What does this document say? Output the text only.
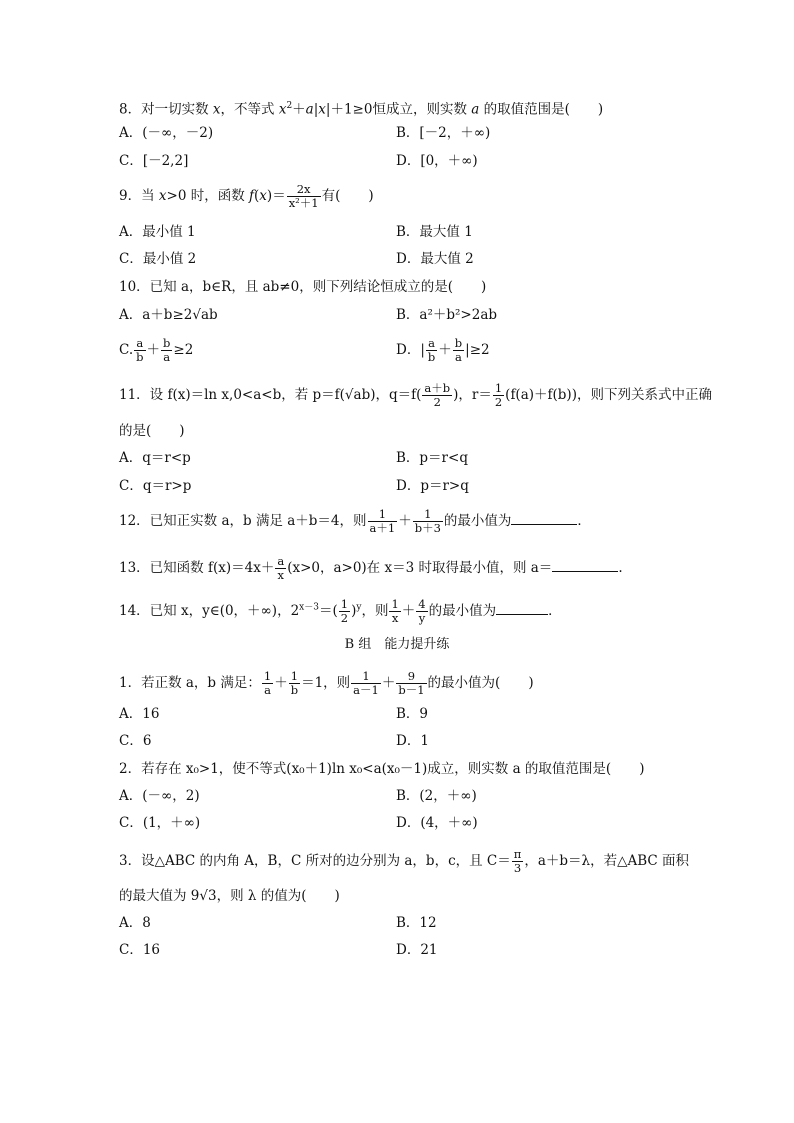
8．对一切实数 x，不等式 $x^2+a|x|+1\ge 0$恒成立，则实数 a 的取值范围是( )
A．(－∞，－2)	B．[－2，＋∞)
C．[－2,2]	D．[0，＋∞)
9．当 x>0 时，函数 $f(x)= \frac{2x}{\text{x²＋1}}$ 有( )
A．最小值 1	B．最大值 1
C．最小值 2	D．最大值 2
10．已知 a，b∈R，且 ab≠0，则下列结论恒成立的是( )
A．a＋b≥2√ab	B．a²＋b²>2ab
C. $\frac{a}{b} + \frac{b}{a} \ge 2$	D．| $\frac{a}{b} + \frac{b}{a} |\ge 2$
11．设 f(x)＝ln x,0<a<b，若 p＝f(√ab)，$q=f( \frac{a+b}{2}$ )，$r= \frac{1}{2} (f(a)+f(b))$，则下列关系式中正确
的是( )
A．q＝r<p	B．p＝r<q
C．q＝r>p	D．p＝r>q
12．已知正实数 a，b 满足 a＋b＝4，则 $\frac{1}{a+1} + \frac{1}{b+3}$ 的最小值为	．
13．已知函数 $f(x)=4x+ \frac{a}{x} (x>0$，a>0)在 x＝3 时取得最小值，则 a＝	.
14．已知 x，y∈(0，＋∞)，$2^{x-3}=( \frac{1}{2} )^y$，则 $\frac{1}{x} + \frac{4}{y}$ 的最小值为	．
B 组　能力提升练
1．若正数 a，b 满足： $\frac{1}{a} + \frac{1}{b} =1$，则 $\frac{1}{a-1} + \frac{9}{b-1}$ 的最小值为( )
A．16	B．9
C．6	D．1
2．若存在 x₀>1，使不等式(x₀＋1)ln x₀<a(x₀－1)成立，则实数 a 的取值范围是( )
A．(－∞，2)	B．(2，＋∞)
C．(1，＋∞)	D．(4，＋∞)
3．设△ABC 的内角 A，B，C 所对的边分别为 a，b，c，且 $C= \frac{\pi}{3}$ ，a＋b＝λ，若△ABC 面积
的最大值为 9√3，则 λ 的值为( )
A．8	B．12
C．16	D．21
